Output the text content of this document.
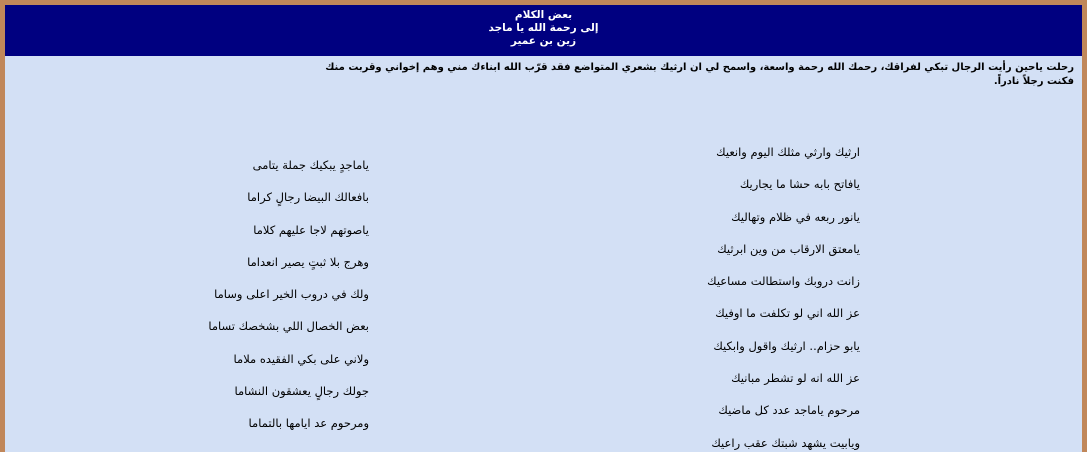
بعض الكلام
إلى رحمة الله يا ماجد
زين بن عمير
رحلت ياحين رأيت الرجال تبكي لفراقك، رحمك الله رحمة واسعة، واسمح لي ان ارثيك بشعري المتواضع فقد قرّب الله ابناءك مني وهم إخواني وقربت منك
فكنت رجلاً نادراً.
ارثيك وارثي مثلك اليوم وانعيك
يافاتح بابه حشا ما يجاريك
يانور ربعه في ظلام وتهاليك
يامعتق الارقاب من وين ابرثيك
زانت دروبك واستطالت مساعيك
عز الله اني لو تكلفت ما اوفيك
يابو حزام.. ارثيك واقول وابكيك
عز الله انه لو تشطر مبانيك
مرحوم ياماجد عدد كل ماضيك
ويابيت يشهد شبتك عقب راعيك
ياماجدٍ يبكيك جملة يتامى
بافعالك البيضا رجالٍ كراما
ياصوتهم لاجا عليهم كلاما
وهرج بلا ثبتٍ يصير انعداما
ولك في دروب الخير اعلى وساما
بعض الخصال اللي بشخصك تساما
ولاني على بكي الفقيده ملاما
جولك رجالٍ يعشقون النشاما
ومرحوم عد ايامها بالتماما
